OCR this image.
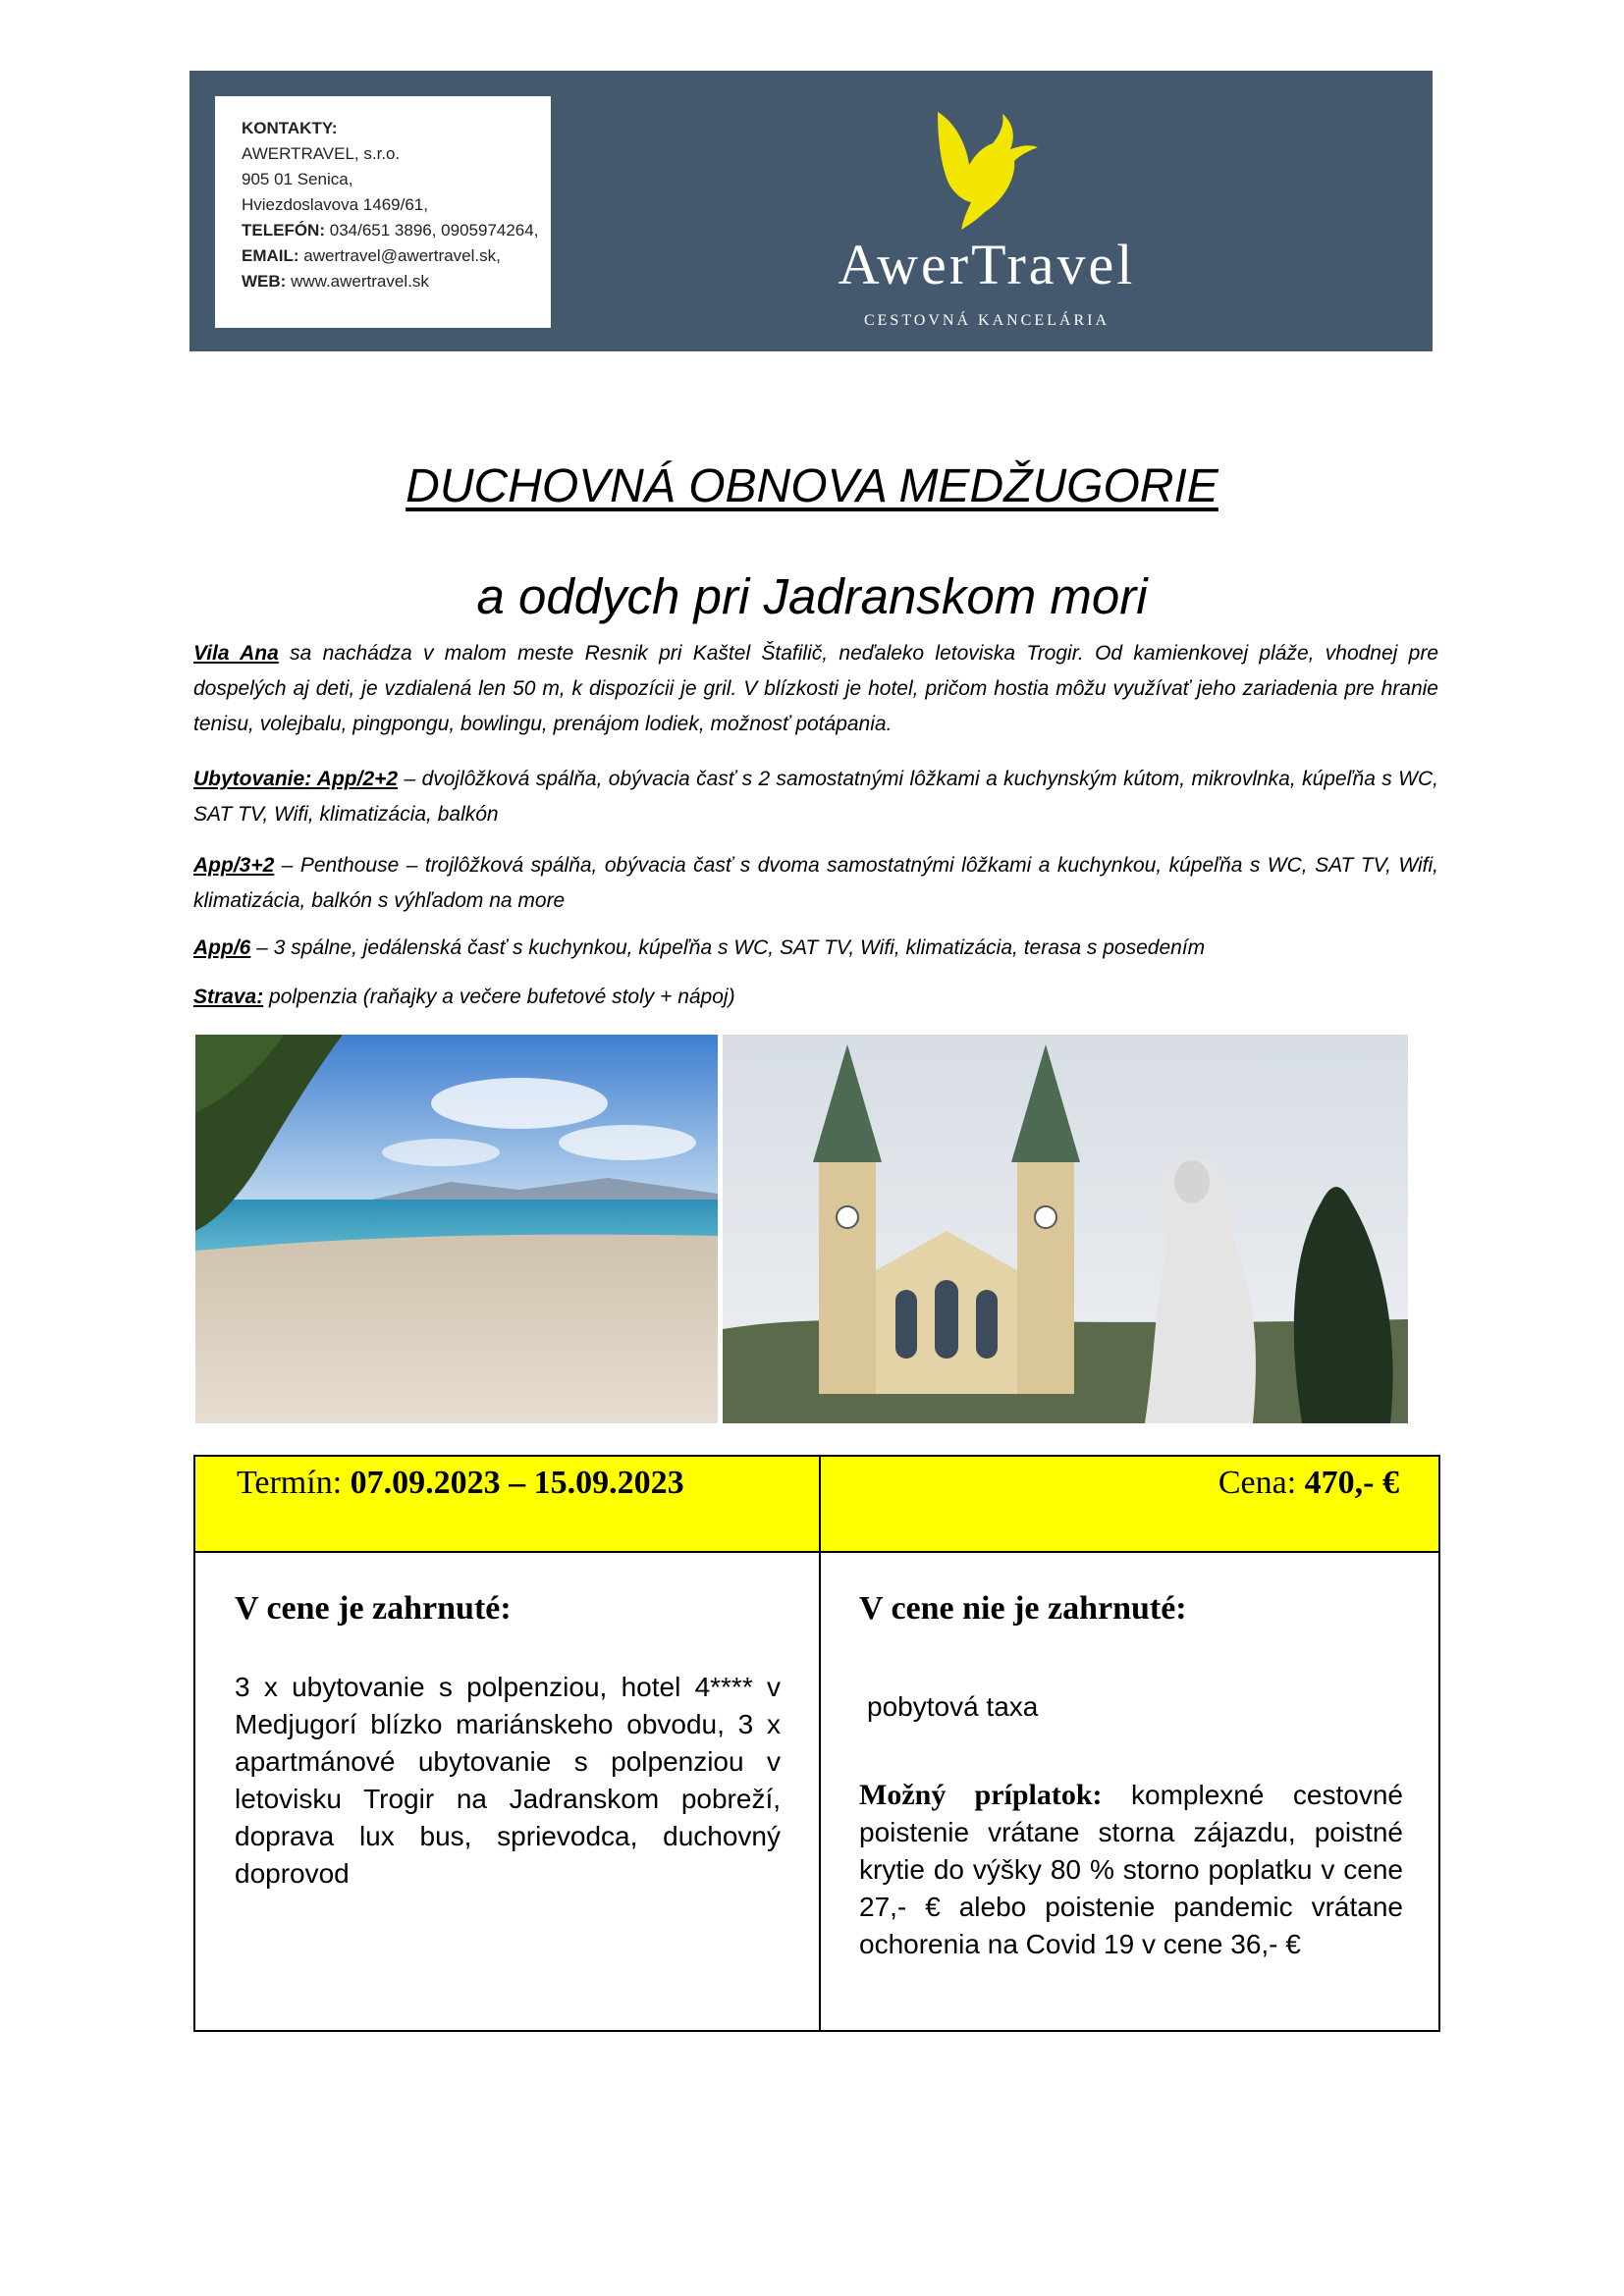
KONTAKTY:
AWERTRAVEL, s.r.o.
905 01 Senica,
Hviezdoslavova 1469/61,
TELEFÓN: 034/651 3896, 0905974264,
EMAIL: awertravel@awertravel.sk,
WEB: www.awertravel.sk	AwerTravel
CESTOVNÁ KANCELÁRIA
DUCHOVNÁ OBNOVA MEDŽUGORIE
a oddych pri Jadranskom mori
Vila Ana sa nachádza v malom meste Resnik pri Kaštel Štafilič, neďaleko letoviska Trogir. Od kamienkovej pláže, vhodnej pre dospelých aj deti, je vzdialená len 50 m, k dispozícii je gril. V blízkosti je hotel, pričom hostia môžu využívať jeho zariadenia pre hranie tenisu, volejbalu, pingpongu, bowlingu, prenájom lodiek, možnosť potápania.
Ubytovanie: App/2+2 – dvojlôžková spálňa, obývacia časť s 2 samostatnými lôžkami a kuchynským kútom, mikrovlnka, kúpeľňa s WC, SAT TV, Wifi, klimatizácia, balkón
App/3+2 – Penthouse – trojlôžková spálňa, obývacia časť s dvoma samostatnými lôžkami a kuchynkou, kúpeľňa s WC, SAT TV, Wifi, klimatizácia, balkón s výhľadom na more
App/6 – 3 spálne, jedálenská časť s kuchynkou, kúpeľňa s WC, SAT TV, Wifi, klimatizácia, terasa s posedením
Strava: polpenzia (raňajky a večere bufetové stoly + nápoj)
Termín: 07.09.2023 – 15.09.2023	Cena: 470,- €
V cene je zahrnuté:
3 x ubytovanie s polpenziou, hotel 4**** v Medjugorí blízko mariánskeho obvodu, 3 x apartmánové ubytovanie s polpenziou v letovisku Trogir na Jadranskom pobreží, doprava lux bus, sprievodca, duchovný doprovod
V cene nie je zahrnuté:
pobytová taxa
Možný príplatok: komplexné cestovné poistenie vrátane storna zájazdu, poistné krytie do výšky 80 % storno poplatku v cene 27,- € alebo poistenie pandemic vrátane ochorenia na Covid 19 v cene 36,- €
